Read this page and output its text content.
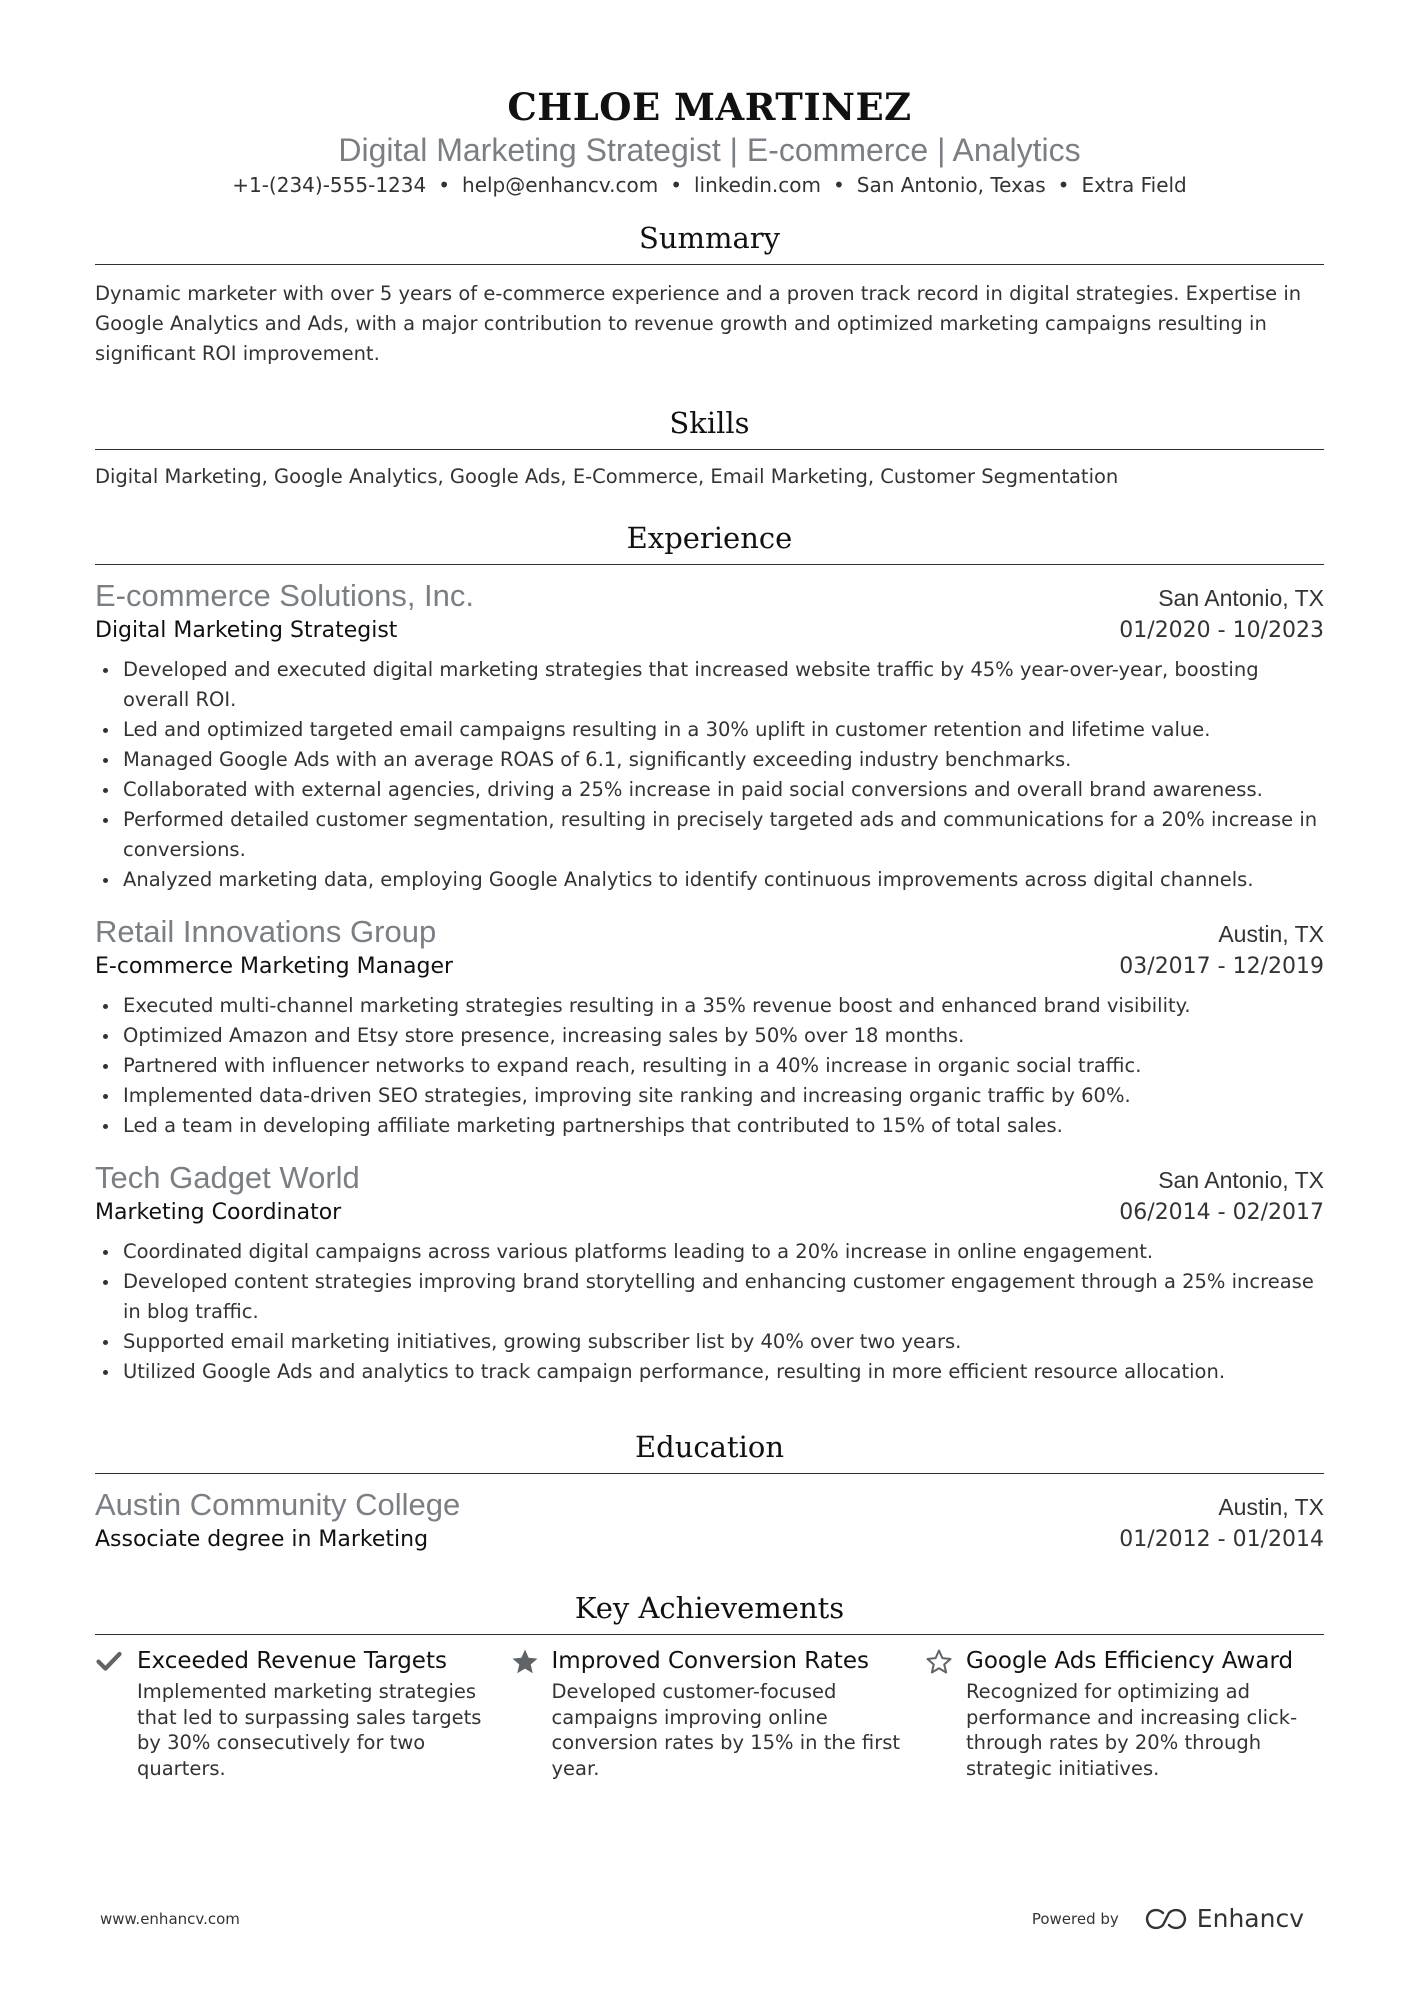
CHLOE MARTINEZ
Digital Marketing Strategist | E-commerce | Analytics
+1-(234)-555-1234 • help@enhancv.com • linkedin.com • San Antonio, Texas • Extra Field
Summary
Dynamic marketer with over 5 years of e-commerce experience and a proven track record in digital strategies. Expertise in Google Analytics and Ads, with a major contribution to revenue growth and optimized marketing campaigns resulting in significant ROI improvement.
Skills
Digital Marketing, Google Analytics, Google Ads, E-Commerce, Email Marketing, Customer Segmentation
Experience
E-commerce Solutions, Inc.	San Antonio, TX
Digital Marketing Strategist	01/2020 - 10/2023
Developed and executed digital marketing strategies that increased website traffic by 45% year-over-year, boosting overall ROI.
Led and optimized targeted email campaigns resulting in a 30% uplift in customer retention and lifetime value.
Managed Google Ads with an average ROAS of 6.1, significantly exceeding industry benchmarks.
Collaborated with external agencies, driving a 25% increase in paid social conversions and overall brand awareness.
Performed detailed customer segmentation, resulting in precisely targeted ads and communications for a 20% increase in conversions.
Analyzed marketing data, employing Google Analytics to identify continuous improvements across digital channels.
Retail Innovations Group	Austin, TX
E-commerce Marketing Manager	03/2017 - 12/2019
Executed multi-channel marketing strategies resulting in a 35% revenue boost and enhanced brand visibility.
Optimized Amazon and Etsy store presence, increasing sales by 50% over 18 months.
Partnered with influencer networks to expand reach, resulting in a 40% increase in organic social traffic.
Implemented data-driven SEO strategies, improving site ranking and increasing organic traffic by 60%.
Led a team in developing affiliate marketing partnerships that contributed to 15% of total sales.
Tech Gadget World	San Antonio, TX
Marketing Coordinator	06/2014 - 02/2017
Coordinated digital campaigns across various platforms leading to a 20% increase in online engagement.
Developed content strategies improving brand storytelling and enhancing customer engagement through a 25% increase in blog traffic.
Supported email marketing initiatives, growing subscriber list by 40% over two years.
Utilized Google Ads and analytics to track campaign performance, resulting in more efficient resource allocation.
Education
Austin Community College	Austin, TX
Associate degree in Marketing	01/2012 - 01/2014
Key Achievements
Exceeded Revenue Targets
Implemented marketing strategies that led to surpassing sales targets by 30% consecutively for two quarters.
Improved Conversion Rates
Developed customer-focused campaigns improving online conversion rates by 15% in the first year.
Google Ads Efficiency Award
Recognized for optimizing ad performance and increasing click-through rates by 20% through strategic initiatives.
www.enhancv.com	Powered by	Enhancv
